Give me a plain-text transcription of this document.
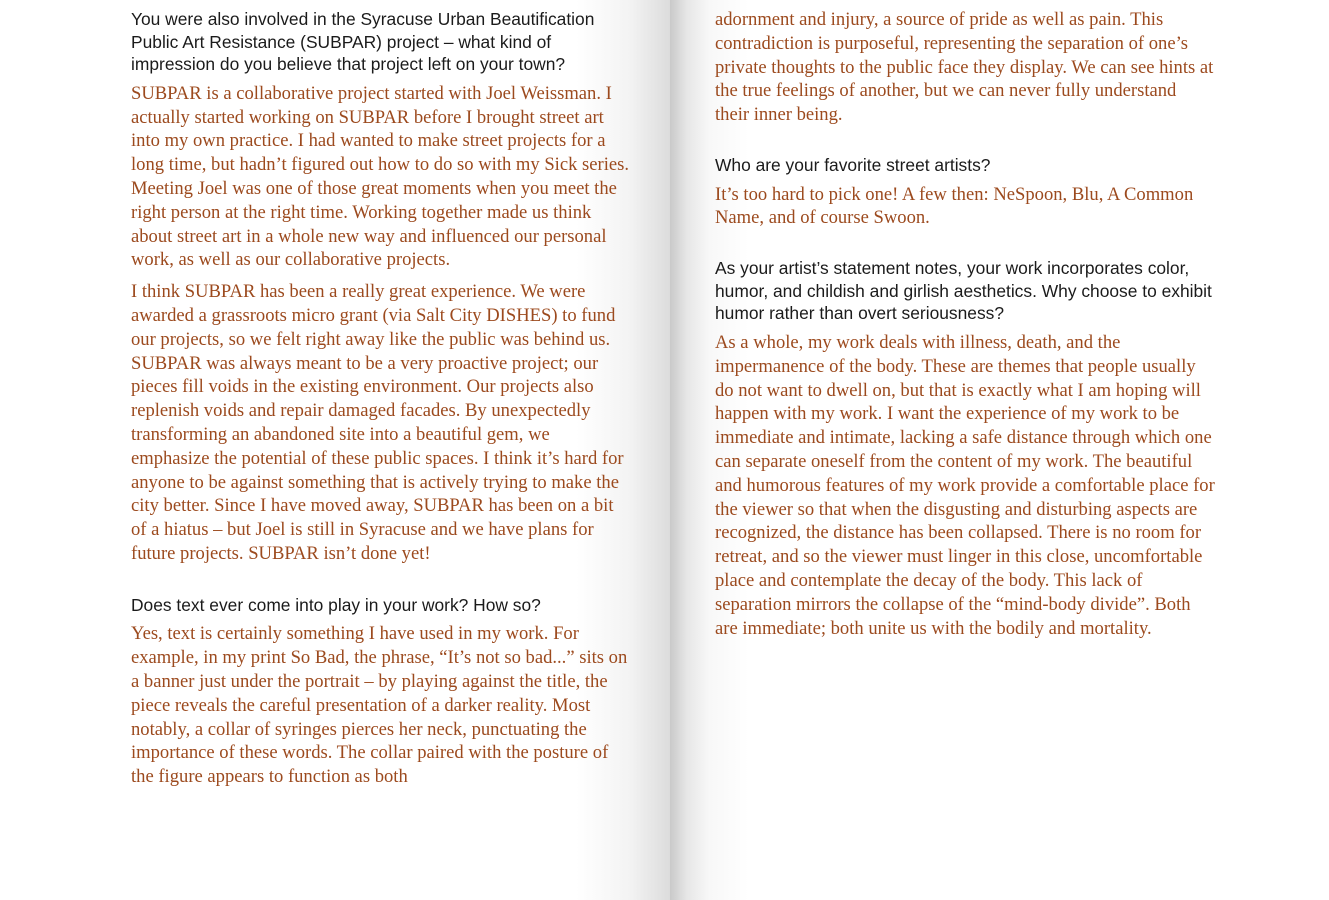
You were also involved in the Syracuse Urban Beautification Public Art Resistance (SUBPAR) project – what kind of impression do you believe that project left on your town?

SUBPAR is a collaborative project started with Joel Weissman. I actually started working on SUBPAR before I brought street art into my own practice. I had wanted to make street projects for a long time, but hadn’t figured out how to do so with my Sick series. Meeting Joel was one of those great moments when you meet the right person at the right time. Working together made us think about street art in a whole new way and influenced our personal work, as well as our collaborative projects.

I think SUBPAR has been a really great experience. We were awarded a grassroots micro grant (via Salt City DISHES) to fund our projects, so we felt right away like the public was behind us. SUBPAR was always meant to be a very proactive project; our pieces fill voids in the existing environment. Our projects also replenish voids and repair damaged facades. By unexpectedly transforming an abandoned site into a beautiful gem, we emphasize the potential of these public spaces. I think it’s hard for anyone to be against something that is actively trying to make the city better. Since I have moved away, SUBPAR has been on a bit of a hiatus – but Joel is still in Syracuse and we have plans for future projects. SUBPAR isn’t done yet!

Does text ever come into play in your work? How so?

Yes, text is certainly something I have used in my work. For example, in my print So Bad, the phrase, “It’s not so bad...” sits on a banner just under the portrait – by playing against the title, the piece reveals the careful presentation of a darker reality. Most notably, a collar of syringes pierces her neck, punctuating the importance of these words. The collar paired with the posture of the figure appears to function as both

adornment and injury, a source of pride as well as pain. This contradiction is purposeful, representing the separation of one’s private thoughts to the public face they display. We can see hints at the true feelings of another, but we can never fully understand their inner being.

Who are your favorite street artists?

It’s too hard to pick one! A few then: NeSpoon, Blu, A Common Name, and of course Swoon.

As your artist’s statement notes, your work incorporates color, humor, and childish and girlish aesthetics. Why choose to exhibit humor rather than overt seriousness?

As a whole, my work deals with illness, death, and the impermanence of the body. These are themes that people usually do not want to dwell on, but that is exactly what I am hoping will happen with my work. I want the experience of my work to be immediate and intimate, lacking a safe distance through which one can separate oneself from the content of my work. The beautiful and humorous features of my work provide a comfortable place for the viewer so that when the disgusting and disturbing aspects are recognized, the distance has been collapsed. There is no room for retreat, and so the viewer must linger in this close, uncomfortable place and contemplate the decay of the body. This lack of separation mirrors the collapse of the “mind-body divide”. Both are immediate; both unite us with the bodily and mortality.
